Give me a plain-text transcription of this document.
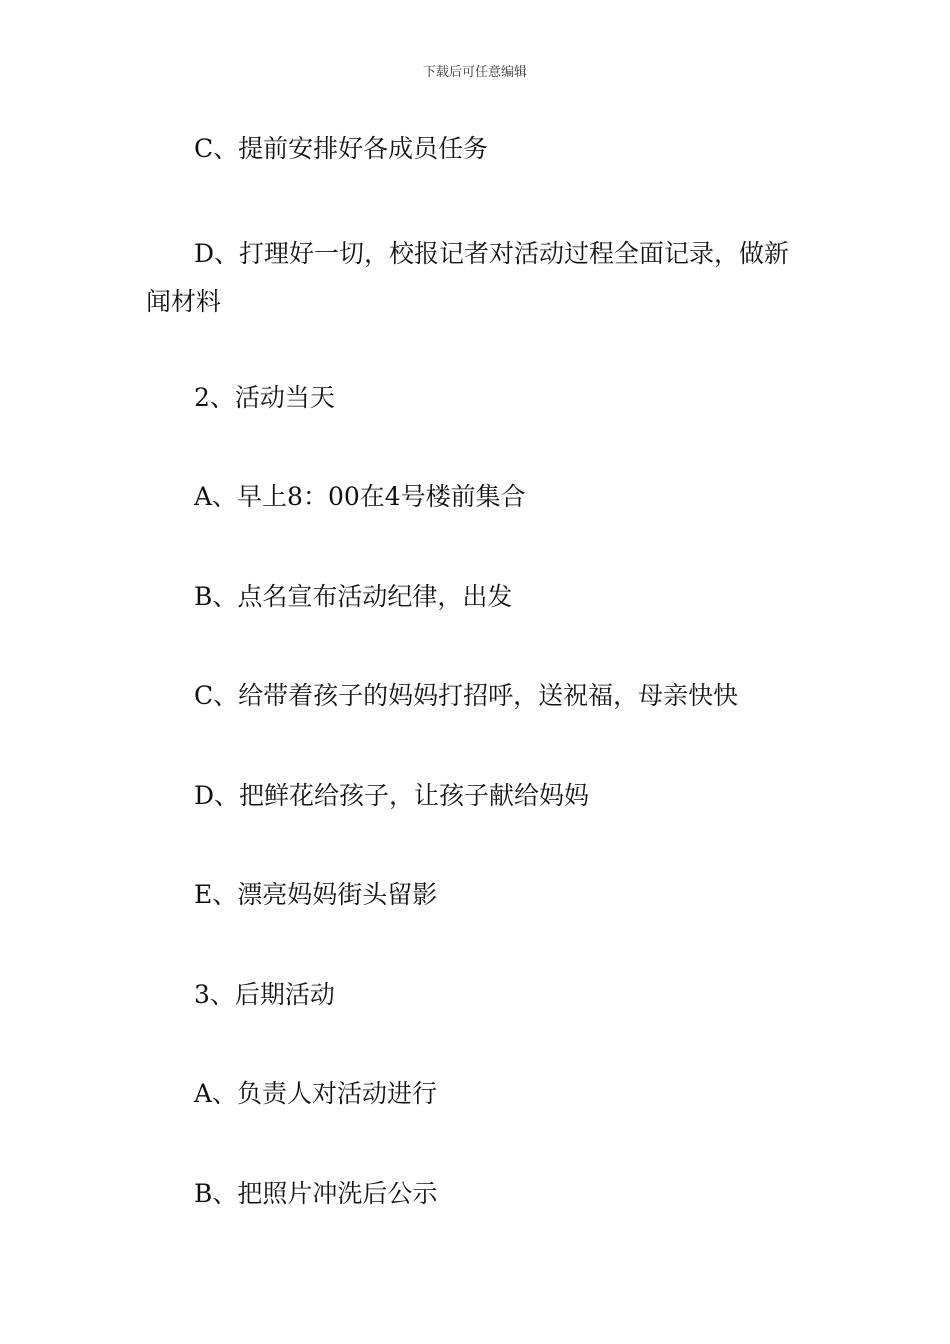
下载后可任意编辑

C、提前安排好各成员任务

D、打理好一切，校报记者对活动过程全面记录，做新闻材料

2、活动当天

A、早上8：00在4号楼前集合

B、点名宣布活动纪律，出发

C、给带着孩子的妈妈打招呼，送祝福，母亲快快

D、把鲜花给孩子，让孩子献给妈妈

E、漂亮妈妈街头留影

3、后期活动

A、负责人对活动进行

B、把照片冲洗后公示
